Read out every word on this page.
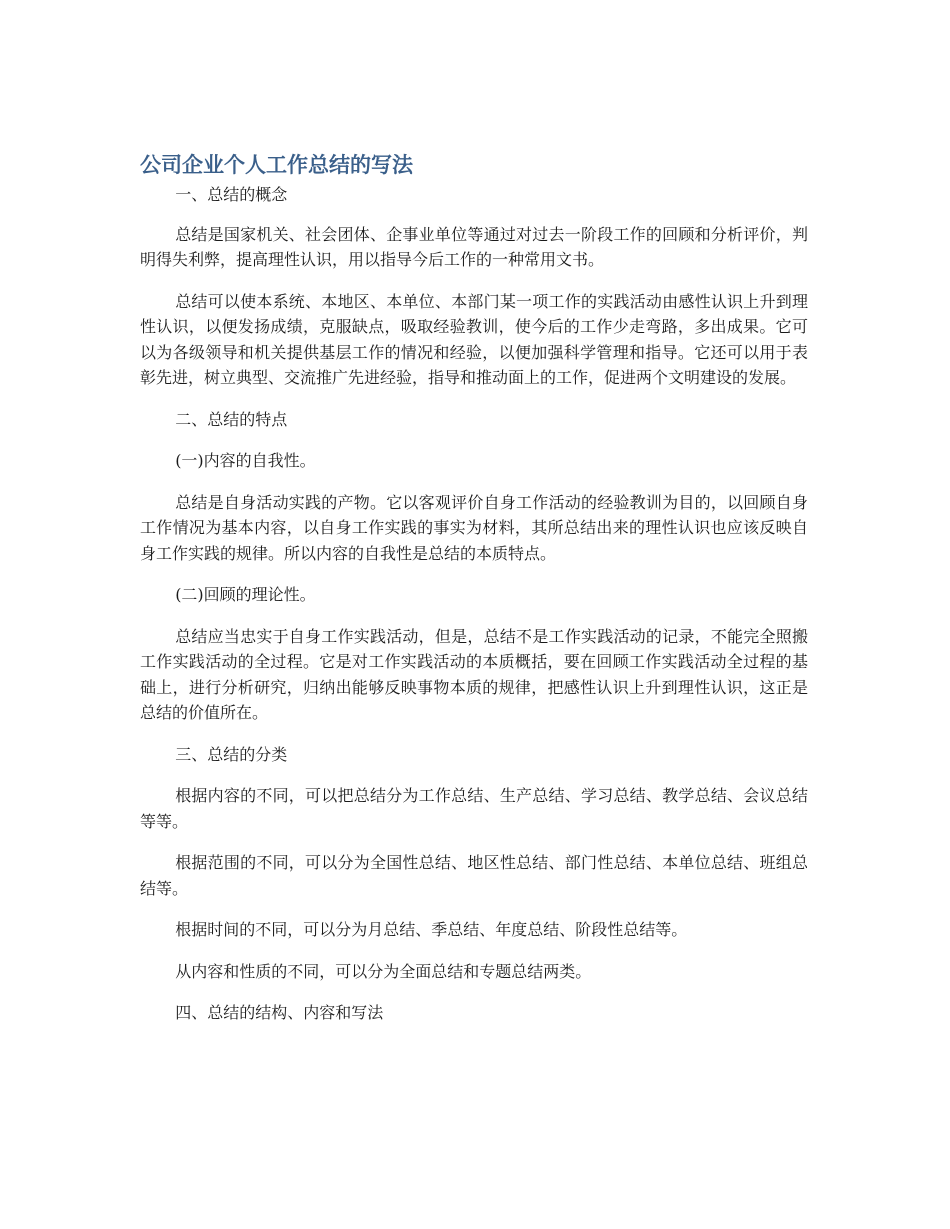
公司企业个人工作总结的写法

一、总结的概念

总结是国家机关、社会团体、企事业单位等通过对过去一阶段工作的回顾和分析评价，判明得失利弊，提高理性认识，用以指导今后工作的一种常用文书。

总结可以使本系统、本地区、本单位、本部门某一项工作的实践活动由感性认识上升到理性认识，以便发扬成绩，克服缺点，吸取经验教训，使今后的工作少走弯路，多出成果。它可以为各级领导和机关提供基层工作的情况和经验，以便加强科学管理和指导。它还可以用于表彰先进，树立典型、交流推广先进经验，指导和推动面上的工作，促进两个文明建设的发展。

二、总结的特点

(一)内容的自我性。

总结是自身活动实践的产物。它以客观评价自身工作活动的经验教训为目的，以回顾自身工作情况为基本内容，以自身工作实践的事实为材料，其所总结出来的理性认识也应该反映自身工作实践的规律。所以内容的自我性是总结的本质特点。

(二)回顾的理论性。

总结应当忠实于自身工作实践活动，但是，总结不是工作实践活动的记录，不能完全照搬工作实践活动的全过程。它是对工作实践活动的本质概括，要在回顾工作实践活动全过程的基础上，进行分析研究，归纳出能够反映事物本质的规律，把感性认识上升到理性认识，这正是总结的价值所在。

三、总结的分类

根据内容的不同，可以把总结分为工作总结、生产总结、学习总结、教学总结、会议总结等等。

根据范围的不同，可以分为全国性总结、地区性总结、部门性总结、本单位总结、班组总结等。

根据时间的不同，可以分为月总结、季总结、年度总结、阶段性总结等。

从内容和性质的不同，可以分为全面总结和专题总结两类。

四、总结的结构、内容和写法
